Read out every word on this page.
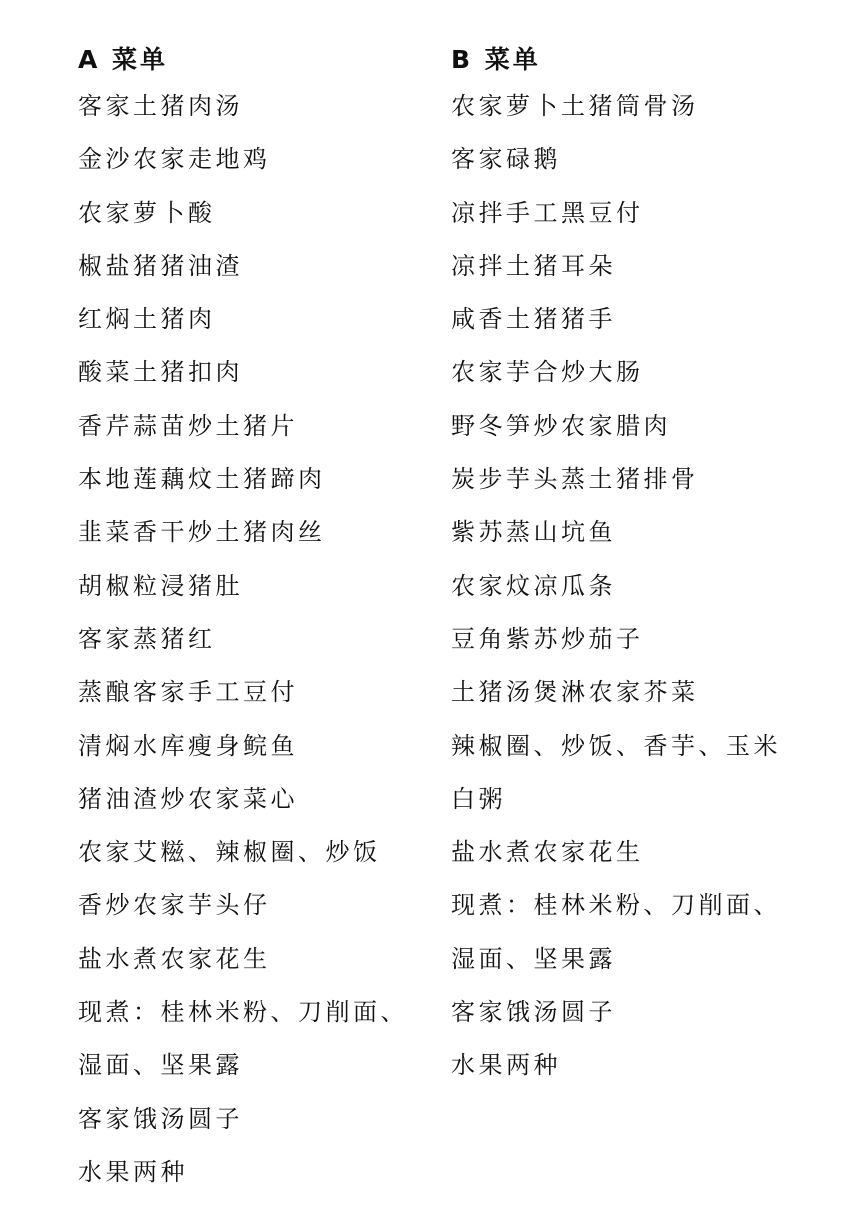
A 菜单
客家土猪肉汤
金沙农家走地鸡
农家萝卜酸
椒盐猪猪油渣
红焖土猪肉
酸菜土猪扣肉
香芹蒜苗炒土猪片
本地莲藕炆土猪蹄肉
韭菜香干炒土猪肉丝
胡椒粒浸猪肚
客家蒸猪红
蒸酿客家手工豆付
清焖水库瘦身鲩鱼
猪油渣炒农家菜心
农家艾糍、辣椒圈、炒饭
香炒农家芋头仔
盐水煮农家花生
现煮：桂林米粉、刀削面、
湿面、坚果露
客家饿汤圆子
水果两种
B 菜单
农家萝卜土猪筒骨汤
客家碌鹅
凉拌手工黑豆付
凉拌土猪耳朵
咸香土猪猪手
农家芋合炒大肠
野冬笋炒农家腊肉
炭步芋头蒸土猪排骨
紫苏蒸山坑鱼
农家炆凉瓜条
豆角紫苏炒茄子
土猪汤煲淋农家芥菜
辣椒圈、炒饭、香芋、玉米
白粥
盐水煮农家花生
现煮：桂林米粉、刀削面、
湿面、坚果露
客家饿汤圆子
水果两种
